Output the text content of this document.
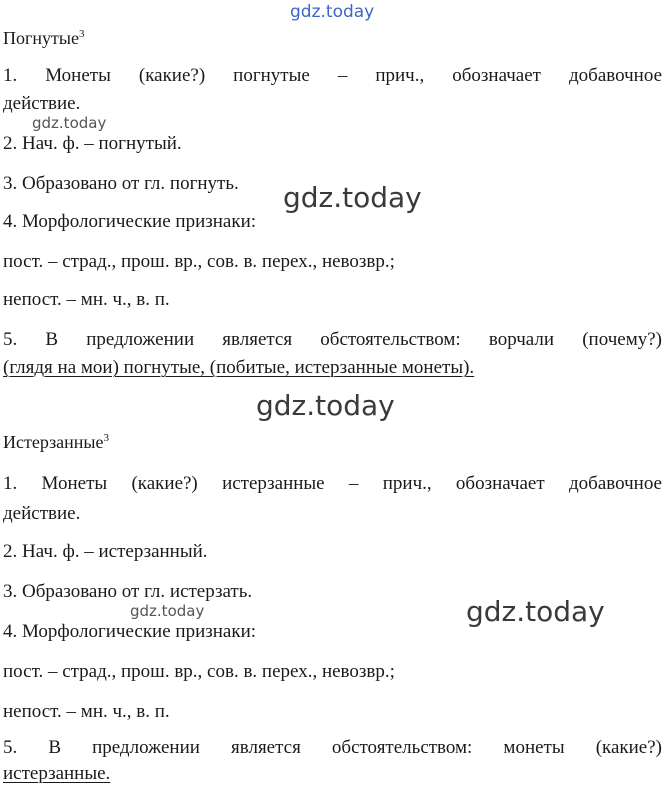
gdz.today
Погнутые$^3$
1. Монеты (какие?) погнутые – прич., обозначает добавочное
действие.
gdz.today
2. Нач. ф. – погнутый.
3. Образовано от гл. погнуть.	gdz.today
4. Морфологические признаки:
пост. – страд., прош. вр., сов. в. перех., невозвр.;
непост. – мн. ч., в. п.
5. В предложении является обстоятельством: ворчали (почему?)
(глядя на мои) погнутые, (побитые, истерзанные монеты).
gdz.today
Истерзанные$^3$
1. Монеты (какие?) истерзанные – прич., обозначает добавочное
действие.
2. Нач. ф. – истерзанный.
3. Образовано от гл. истерзать.
gdz.today
gdz.today
4. Морфологические признаки:
пост. – страд., прош. вр., сов. в. перех., невозвр.;
непост. – мн. ч., в. п.
5. В предложении является обстоятельством: монеты (какие?)
истерзанные.
